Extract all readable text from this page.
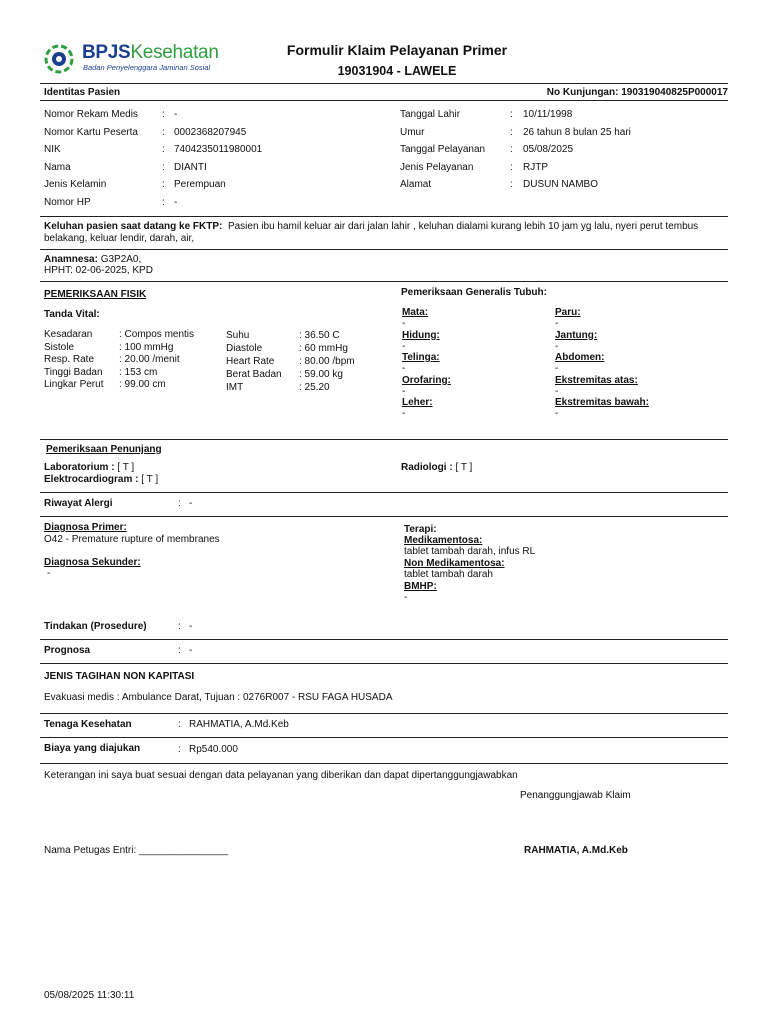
BPJSKesehatan
Badan Penyelenggara Jaminan Sosial
Formulir Klaim Pelayanan Primer
19031904 - LAWELE
Identitas Pasien	No Kunjungan: 190319040825P000017
Nomor Rekam Medis : -
Nomor Kartu Peserta : 0002368207945
NIK	: 7404235011980001
Nama	: DIANTI
Jenis Kelamin	: Perempuan
Nomor HP	: -
Tanggal Lahir	: 10/11/1998
Umur	: 26 tahun 8 bulan 25 hari
Tanggal Pelayanan : 05/08/2025
Jenis Pelayanan	: RJTP
Alamat	: DUSUN NAMBO
Keluhan pasien saat datang ke FKTP: Pasien ibu hamil keluar air dari jalan lahir , keluhan dialami kurang lebih 10 jam yg lalu, nyeri perut tembus
belakang, keluar lendir, darah, air,
Anamnesa: G3P2A0,
HPHT: 02-06-2025, KPD
PEMERIKSAAN FISIK
Tanda Vital:
Kesadaran	: Compos mentis
Sistole	: 100 mmHg
Resp. Rate : 20.00 /menit
Tinggi Badan : 153 cm
Lingkar Perut : 99.00 cm
Suhu	: 36.50 C
Diastole	: 60 mmHg
Heart Rate : 80.00 /bpm
Berat Badan : 59.00 kg
IMT	: 25.20
Pemeriksaan Generalis Tubuh:
Mata:
-
Hidung:
-
Telinga:
-
Orofaring:
-
Leher:
-
Paru:
-
Jantung:
-
Abdomen:
-
Ekstremitas atas:
-
Ekstremitas bawah:
-
Pemeriksaan Penunjang
Laboratorium : [ T ]
Elektrocardiogram : [ T ]
Radiologi : [ T ]
Riwayat Alergi	: -
Diagnosa Primer:
O42 - Premature rupture of membranes
Diagnosa Sekunder:
-
Terapi:
Medikamentosa:
tablet tambah darah, infus RL
Non Medikamentosa:
tablet tambah darah
BMHP:
-
Tindakan (Prosedure)	: -
Prognosa	: -
JENIS TAGIHAN NON KAPITASI
Evakuasi medis : Ambulance Darat, Tujuan : 0276R007 - RSU FAGA HUSADA
Tenaga Kesehatan	: RAHMATIA, A.Md.Keb
Biaya yang diajukan	: Rp540.000
Keterangan ini saya buat sesuai dengan data pelayanan yang diberikan dan dapat dipertanggungjawabkan
Penanggungjawab Klaim
Nama Petugas Entri: ________________	RAHMATIA, A.Md.Keb
05/08/2025 11:30:11
